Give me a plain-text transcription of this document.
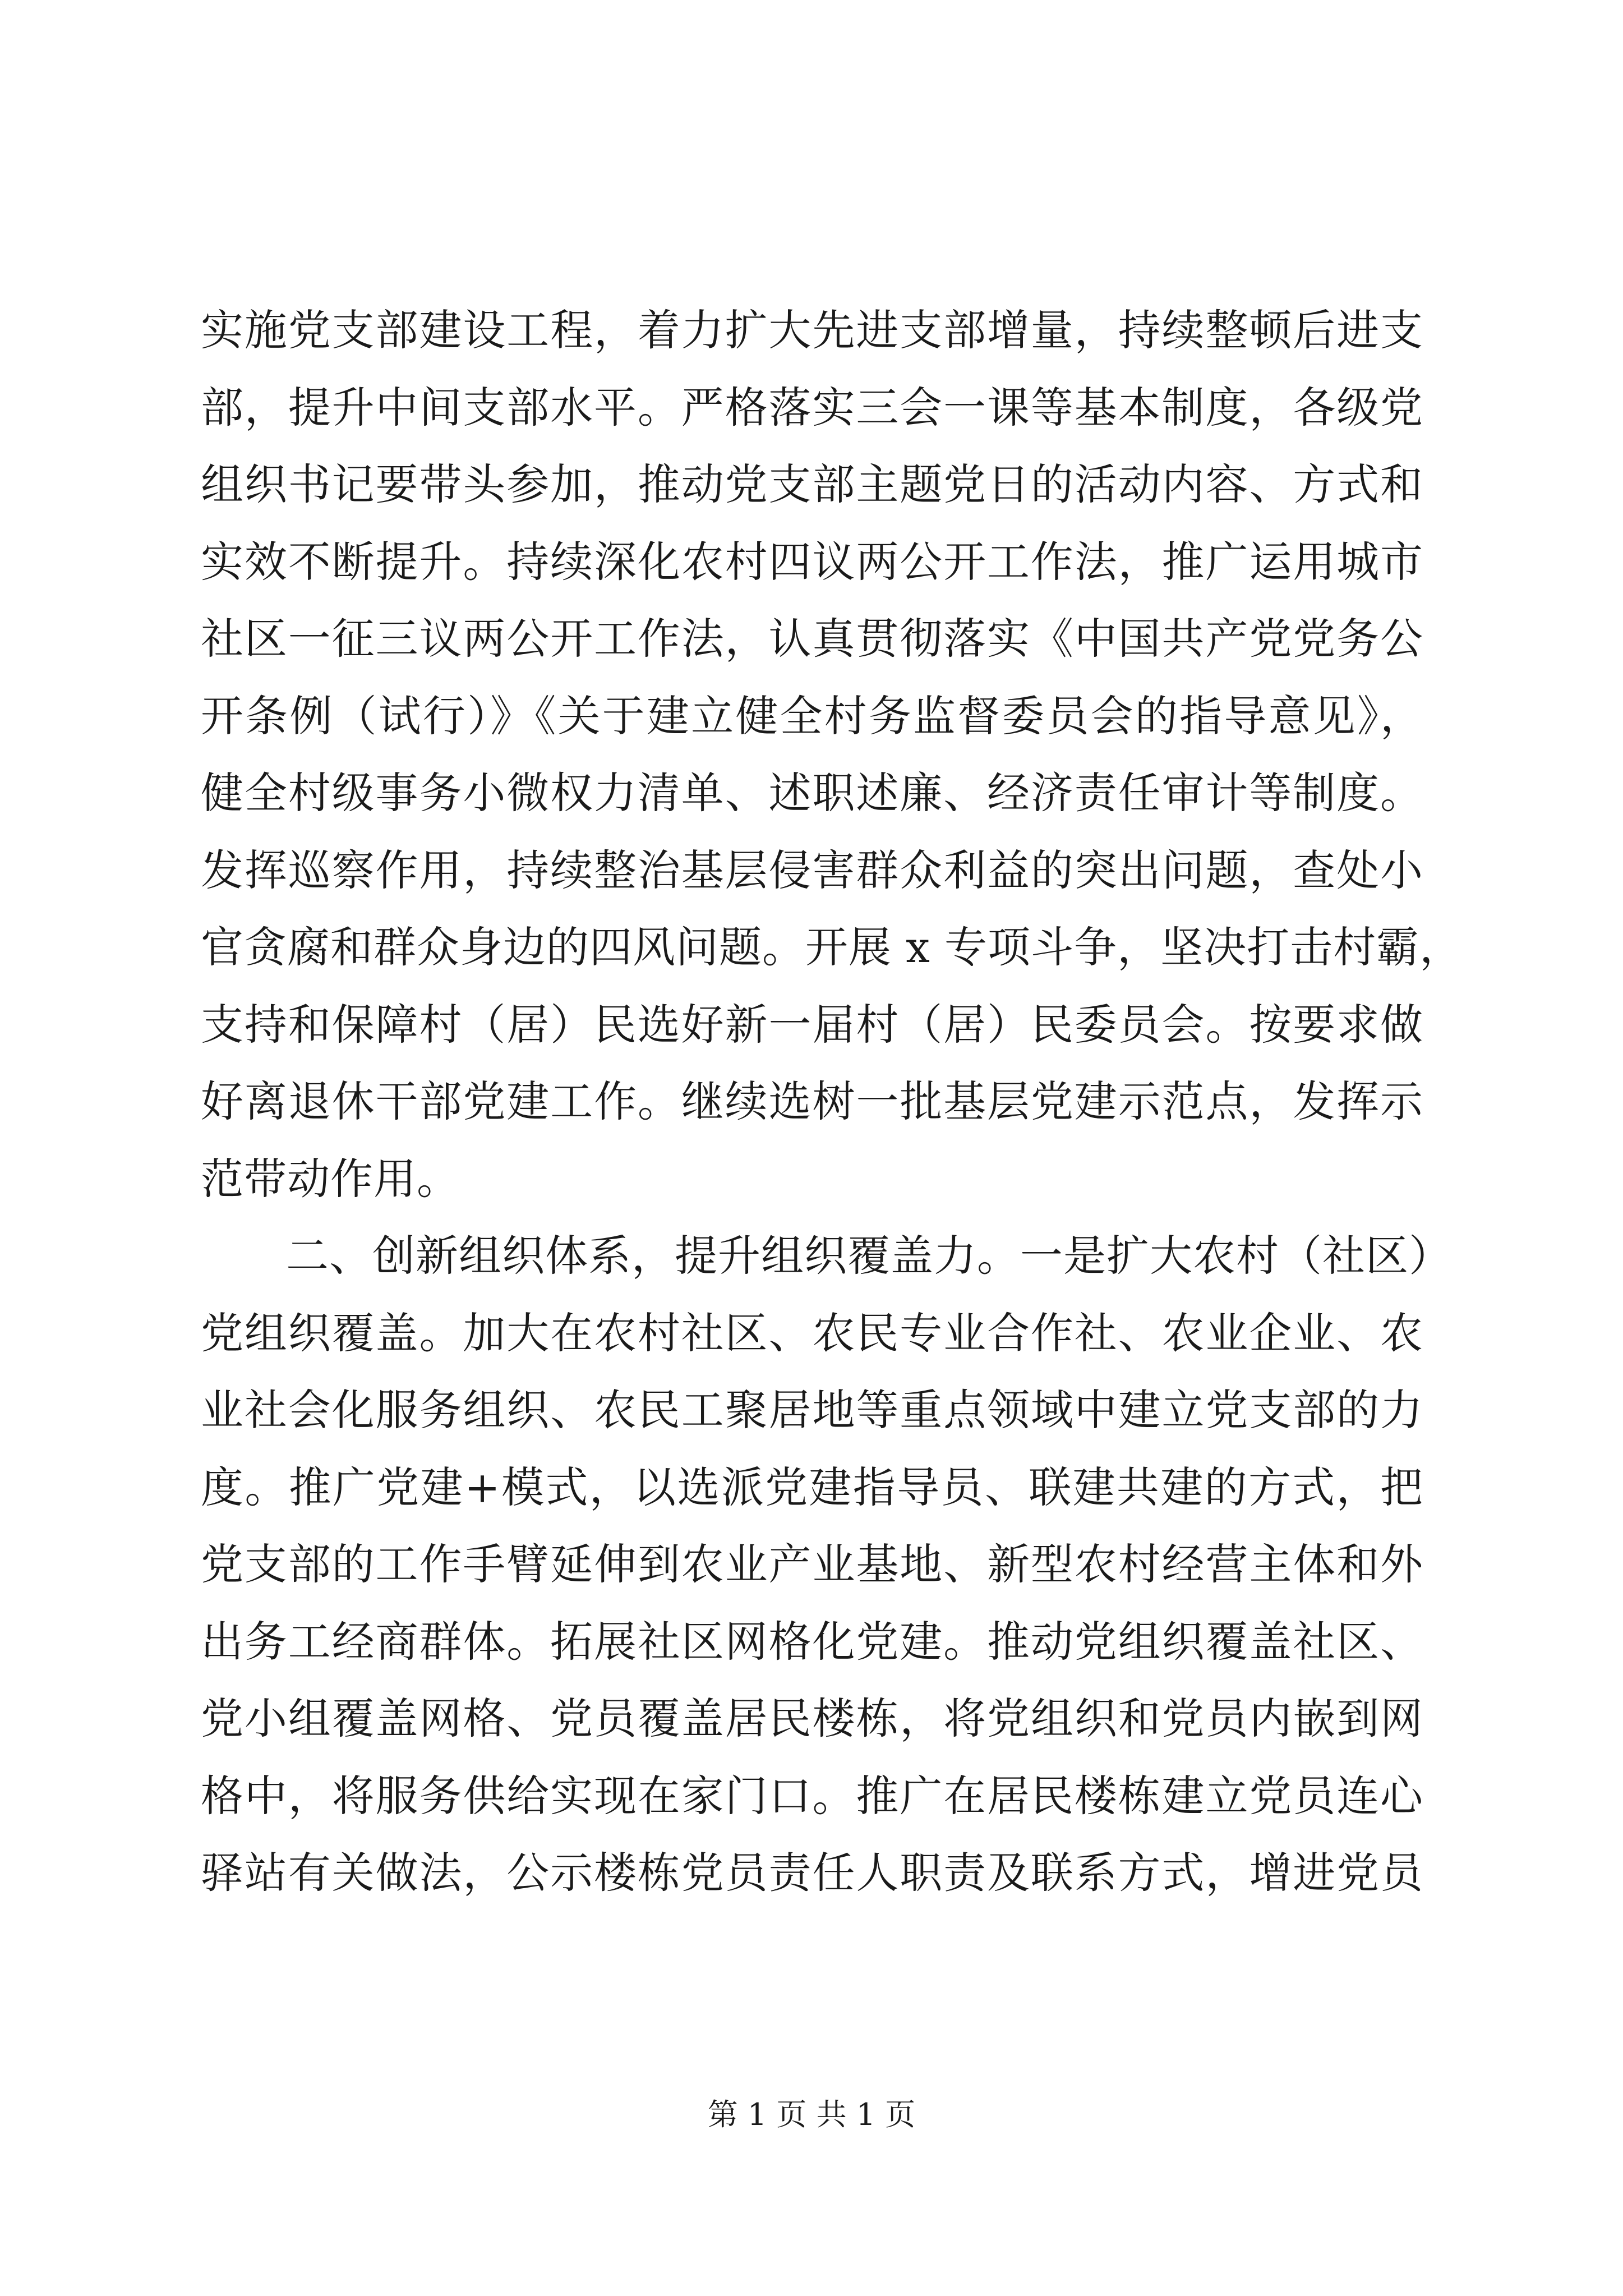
实施党支部建设工程，着力扩大先进支部增量，持续整顿后进支
部，提升中间支部水平。严格落实三会一课等基本制度，各级党
组织书记要带头参加，推动党支部主题党日的活动内容、方式和
实效不断提升。持续深化农村四议两公开工作法，推广运用城市
社区一征三议两公开工作法，认真贯彻落实《中国共产党党务公
开条例（试行）》《关于建立健全村务监督委员会的指导意见》，
健全村级事务小微权力清单、述职述廉、经济责任审计等制度。
发挥巡察作用，持续整治基层侵害群众利益的突出问题，查处小
官贪腐和群众身边的四风问题。开展 x 专项斗争，坚决打击村霸，
支持和保障村（居）民选好新一届村（居）民委员会。按要求做
好离退休干部党建工作。继续选树一批基层党建示范点，发挥示
范带动作用。
二、创新组织体系，提升组织覆盖力。一是扩大农村（社区）
党组织覆盖。加大在农村社区、农民专业合作社、农业企业、农
业社会化服务组织、农民工聚居地等重点领域中建立党支部的力
度。推广党建+模式，以选派党建指导员、联建共建的方式，把
党支部的工作手臂延伸到农业产业基地、新型农村经营主体和外
出务工经商群体。拓展社区网格化党建。推动党组织覆盖社区、
党小组覆盖网格、党员覆盖居民楼栋，将党组织和党员内嵌到网
格中，将服务供给实现在家门口。推广在居民楼栋建立党员连心
驿站有关做法，公示楼栋党员责任人职责及联系方式，增进党员
第 1 页 共 1 页
